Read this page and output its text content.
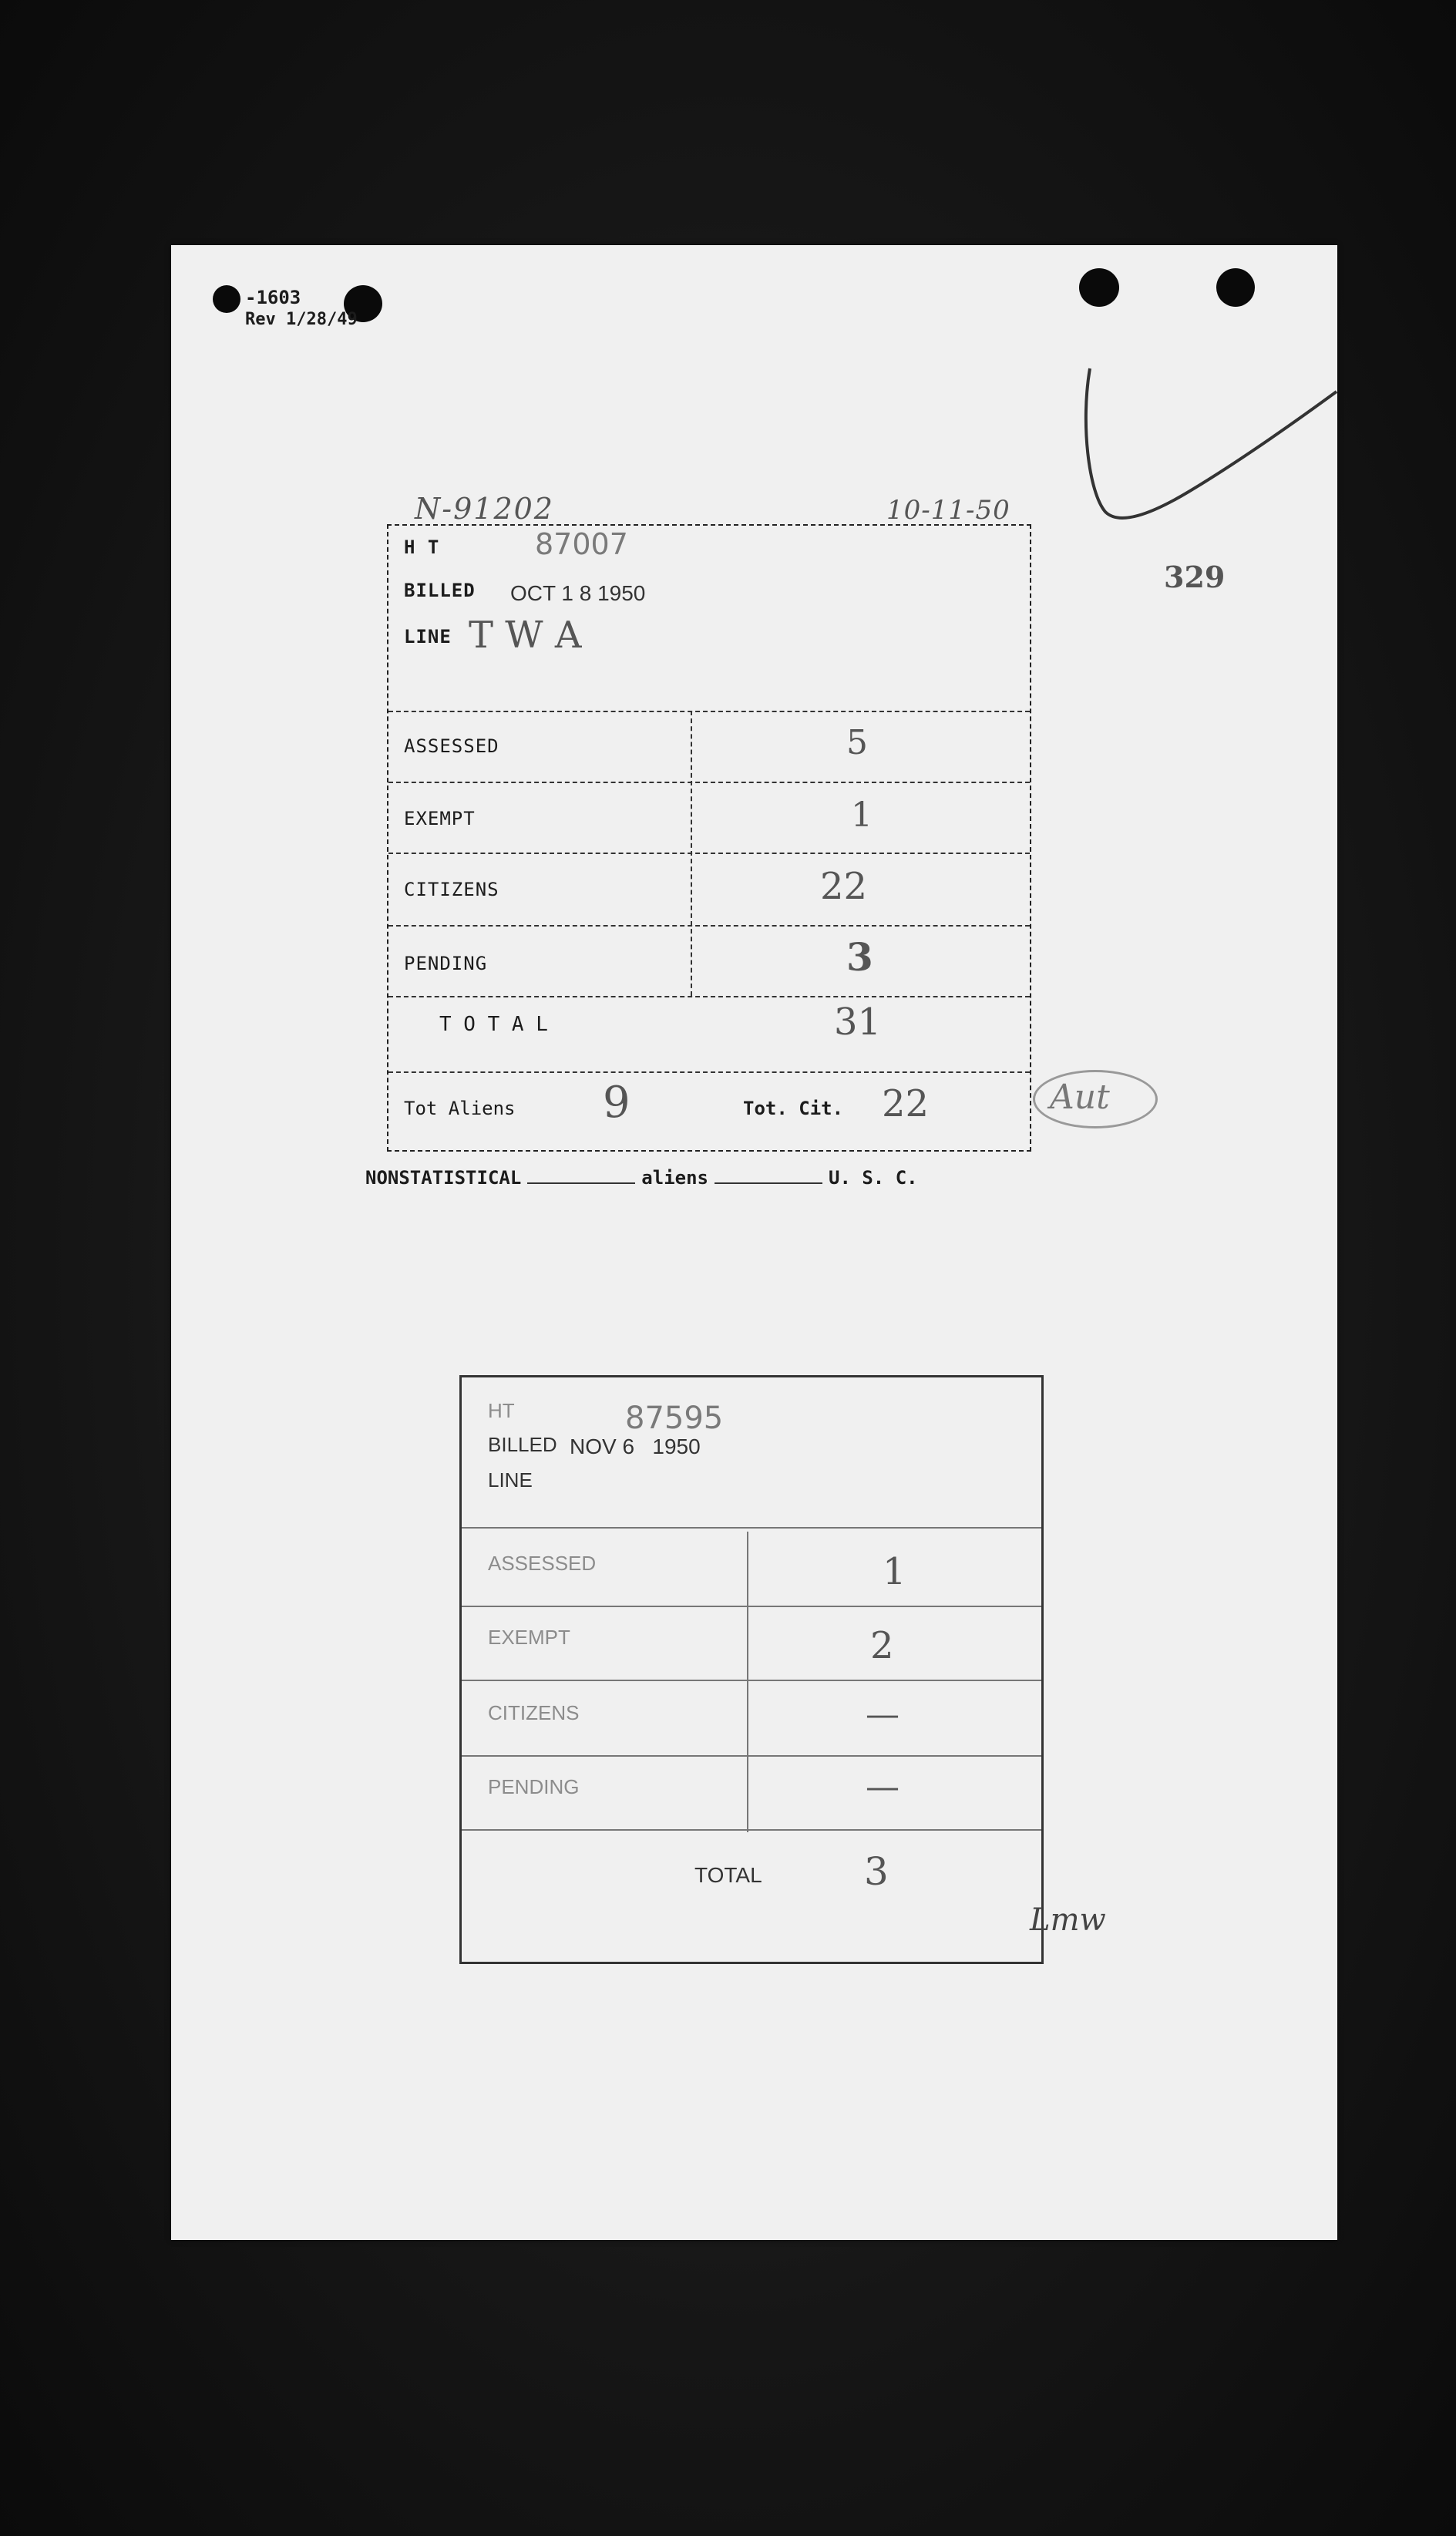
-1603
Rev 1/28/49
N-91202	10-11-50
329
H T	87007
BILLED OCT 1 8 1950
LINE T W A
ASSESSED	5
EXEMPT	1
CITIZENS	22
PENDING	3
T O T A L	31
Tot Aliens 9	Tot. Cit. 22	Aut
NONSTATISTICAL	aliens	U. S. C.
HT	87595
BILLED NOV 6   1950
LINE
ASSESSED	1
EXEMPT	2
CITIZENS	—
PENDING	—
TOTAL	3
Lmw
